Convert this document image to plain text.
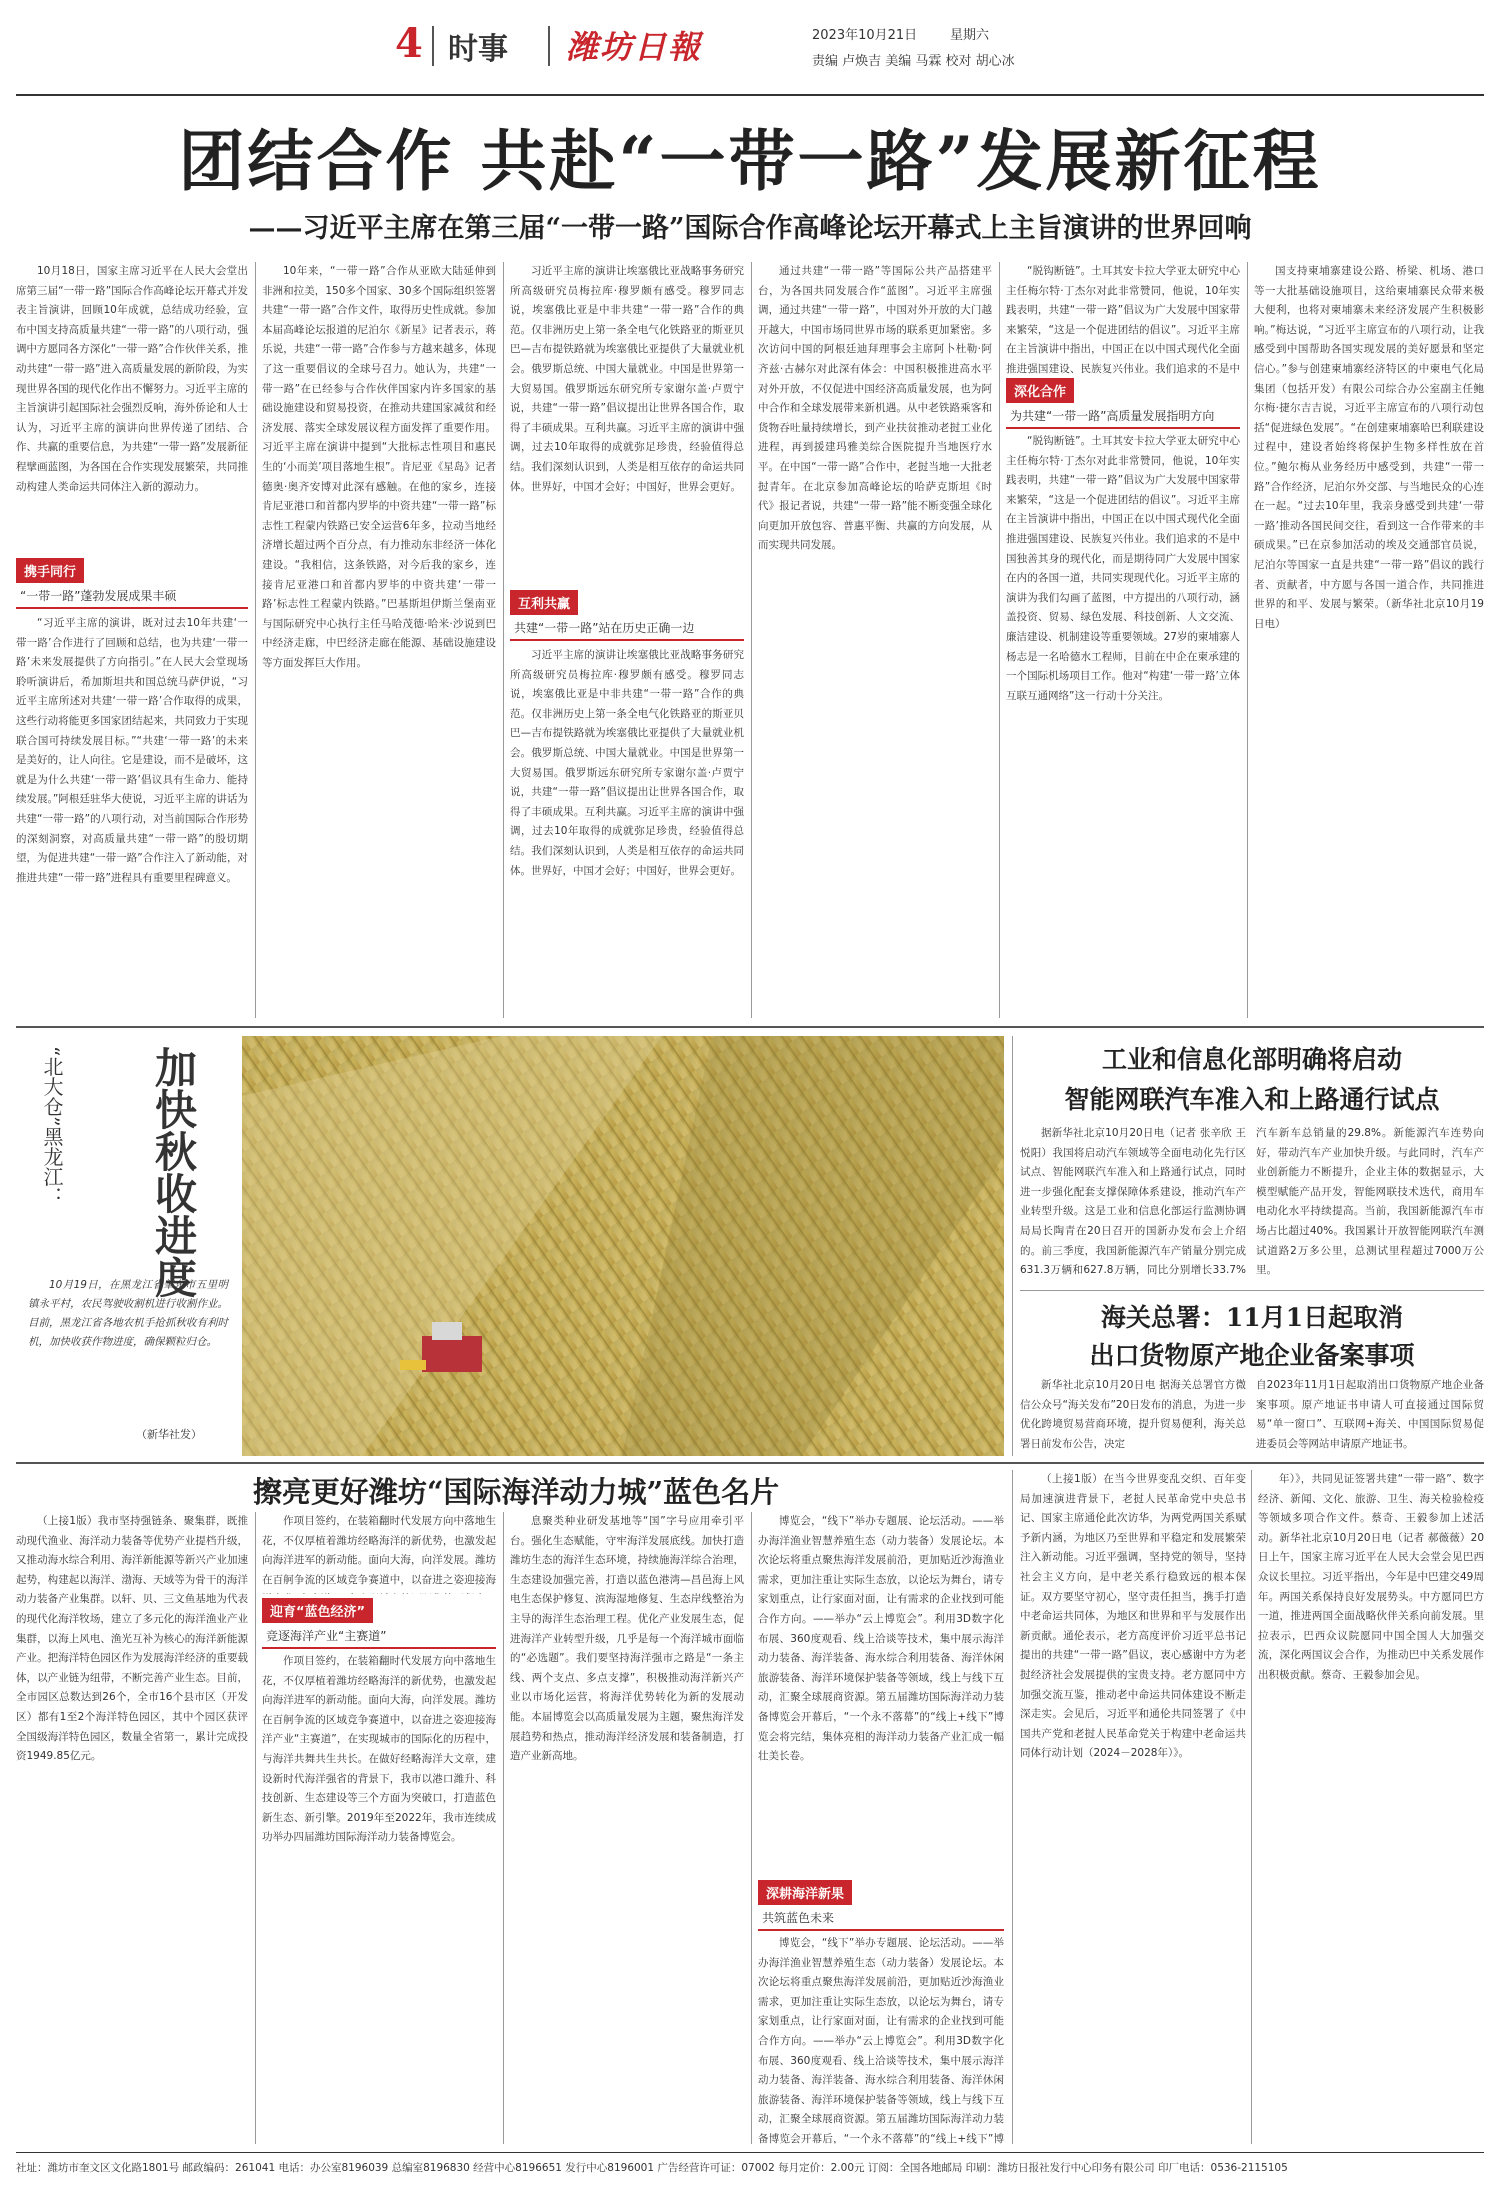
4 时事 潍坊日報	2023年10月21日	星期六
责编 卢焕吉 美编 马霖 校对 胡心冰
团结合作 共赴“一带一路”发展新征程
——习近平主席在第三届“一带一路”国际合作高峰论坛开幕式上主旨演讲的世界回响

10月18日，国家主席习近平在人民大会堂出席第三届“一带一路”国际合作高峰论坛开幕式并发表主旨演讲，回顾10年成就，总结成功经验，宣布中国支持高质量共建“一带一路”的八项行动，强调中方愿同各方深化“一带一路”合作伙伴关系，推动共建“一带一路”进入高质量发展的新阶段，为实现世界各国的现代化作出不懈努力。习近平主席的主旨演讲引起国际社会强烈反响，海外侨论和人士认为，习近平主席的演讲向世界传递了团结、合作、共赢的重要信息，为共建“一带一路”发展新征程擘画蓝图，为各国在合作实现发展繁荣，共同推动构建人类命运共同体注入新的源动力。

携手同行
“一带一路”蓬勃发展成果丰硕

“习近平主席的演讲，既对过去10年共建‘一带一路’合作进行了回顾和总结，也为共建‘一带一路’未来发展提供了方向指引。”在人民大会堂现场聆听演讲后，希加斯坦共和国总统马萨伊说，“习近平主席所述对共建‘一带一路’合作取得的成果，这些行动将能更多国家团结起来，共同致力于实现联合国可持续发展目标。”“共建‘一带一路’的未来是美好的，让人向往。它是建设，而不是破坏，这就是为什么共建‘一带一路’倡议具有生命力、能持续发展。”阿根廷驻华大使说，习近平主席的讲话为共建“一带一路”的八项行动，对当前国际合作形势的深刻洞察，对高质量共建“一带一路”的殷切期望，为促进共建“一带一路”合作注入了新动能，对推进共建“一带一路”进程具有重要里程碑意义。

10年来，“一带一路”合作从亚欧大陆延伸到非洲和拉美，150多个国家、30多个国际组织签署共建“一带一路”合作文件，取得历史性成就。参加本届高峰论坛报道的尼泊尔《新星》记者表示，蒋乐说，共建“一带一路”合作参与方越来越多，体现了这一重要倡议的全球号召力。她认为，共建“一带一路”在已经参与合作伙伴国家内许多国家的基础设施建设和贸易投资，在推动共建国家减贫和经济发展、落实全球发展议程方面发挥了重要作用。习近平主席在演讲中提到“大批标志性项目和惠民生的‘小而美’项目落地生根”。肯尼亚《星岛》记者德奥·奥齐安博对此深有感触。在他的家乡，连接肯尼亚港口和首都内罗毕的中资共建“一带一路”标志性工程蒙内铁路已安全运营6年多，拉动当地经济增长超过两个百分点，有力推动东非经济一体化建设。“我相信，这条铁路，对今后我的家乡，连接肯尼亚港口和首都内罗毕的中资共建‘一带一路’标志性工程蒙内铁路。”巴基斯坦伊斯兰堡南亚与国际研究中心执行主任马哈茂德·哈米·沙说到巴中经济走廊，中巴经济走廊在能源、基础设施建设等方面发挥巨大作用。

习近平主席的演讲让埃塞俄比亚战略事务研究所高级研究员梅拉库·穆罗颇有感受。穆罗同志说，埃塞俄比亚是中非共建“一带一路”合作的典范。仅非洲历史上第一条全电气化铁路亚的斯亚贝巴—吉布提铁路就为埃塞俄比亚提供了大量就业机会。俄罗斯总统、中国大量就业。中国是世界第一大贸易国。俄罗斯远东研究所专家谢尔盖·卢贾宁说，共建“一带一路”倡议提出让世界各国合作，取得了丰硕成果。互利共赢。习近平主席的演讲中强调，过去10年取得的成就弥足珍贵，经验值得总结。我们深刻认识到，人类是相互依存的命运共同体。世界好，中国才会好；中国好，世界会更好。

互利共赢
共建“一带一路”站在历史正确一边

习近平主席的演讲让埃塞俄比亚战略事务研究所高级研究员梅拉库·穆罗颇有感受。穆罗同志说，埃塞俄比亚是中非共建“一带一路”合作的典范。仅非洲历史上第一条全电气化铁路亚的斯亚贝巴—吉布提铁路就为埃塞俄比亚提供了大量就业机会。俄罗斯总统、中国大量就业。中国是世界第一大贸易国。俄罗斯远东研究所专家谢尔盖·卢贾宁说，共建“一带一路”倡议提出让世界各国合作，取得了丰硕成果。互利共赢。习近平主席的演讲中强调，过去10年取得的成就弥足珍贵，经验值得总结。我们深刻认识到，人类是相互依存的命运共同体。世界好，中国才会好；中国好，世界会更好。

通过共建“一带一路”等国际公共产品搭建平台，为各国共同发展合作“蓝图”。习近平主席强调，通过共建“一带一路”，中国对外开放的大门越开越大，中国市场同世界市场的联系更加紧密。多次访问中国的阿根廷迪拜理事会主席阿卜杜勒·阿齐兹·古赫尔对此深有体会：中国积极推进高水平对外开放，不仅促进中国经济高质量发展，也为阿中合作和全球发展带来新机遇。从中老铁路乘客和货物吞吐量持续增长，到产业扶贫推动老挝工业化进程，再到援建玛雅美综合医院提升当地医疗水平。在中国“一带一路”合作中，老挝当地一大批老挝青年。在北京参加高峰论坛的哈萨克斯坦《时代》报记者说，共建“一带一路”能不断变强全球化向更加开放包容、普惠平衡、共赢的方向发展，从而实现共同发展。

“脱钩断链”。土耳其安卡拉大学亚太研究中心主任梅尔特·丁杰尔对此非常赞同，他说，10年实践表明，共建“一带一路”倡议为广大发展中国家带来繁荣，“这是一个促进团结的倡议”。习近平主席在主旨演讲中指出，中国正在以中国式现代化全面推进强国建设、民族复兴伟业。我们追求的不是中

深化合作
为共建“一带一路”高质量发展指明方向

“脱钩断链”。土耳其安卡拉大学亚太研究中心主任梅尔特·丁杰尔对此非常赞同，他说，10年实践表明，共建“一带一路”倡议为广大发展中国家带来繁荣，“这是一个促进团结的倡议”。习近平主席在主旨演讲中指出，中国正在以中国式现代化全面推进强国建设、民族复兴伟业。我们追求的不是中国独善其身的现代化，而是期待同广大发展中国家在内的各国一道，共同实现现代化。习近平主席的演讲为我们勾画了蓝图，中方提出的八项行动，涵盖投资、贸易、绿色发展、科技创新、人文交流、廉洁建设、机制建设等重要领域。27岁的柬埔寨人杨志是一名哈德水工程师，目前在中企在柬承建的一个国际机场项目工作。他对“构建‘一带一路’立体互联互通网络”这一行动十分关注。

国支持柬埔寨建设公路、桥梁、机场、港口等一大批基础设施项目，这给柬埔寨民众带来极大便利，也将对柬埔寨未来经济发展产生积极影响。”梅达说，“习近平主席宣布的八项行动，让我感受到中国帮助各国实现发展的美好愿景和坚定信心。”参与创建柬埔寨经济特区的中柬电气化局集团（包括开发）有限公司综合办公室副主任鲍尔梅·捷尔吉吉说，习近平主席宣布的八项行动包括“促进绿色发展”。“在创建柬埔寨哈巴利联建设过程中，建设者始终将保护生物多样性放在首位。”鲍尔梅从业务经历中感受到，共建“一带一路”合作经济，尼泊尔外交部、与当地民众的心连在一起。“过去10年里，我亲身感受到共建‘一带一路’推动各国民间交往，看到这一合作带来的丰硕成果。”已在京参加活动的埃及交通部官员说，尼泊尔等国家一直是共建“一带一路”倡议的践行者、贡献者，中方愿与各国一道合作，共同推进世界的和平、发展与繁荣。（新华社北京10月19日电）

“北大仓”黑龙江： 加快秋收进度
10月19日，在黑龙江省肇东市五里明镇永平村，农民驾驶收割机进行收割作业。目前，黑龙江省各地农机手抢抓秋收有利时机，加快收获作物进度，确保颗粒归仓。
（新华社发）
工业和信息化部明确将启动
智能网联汽车准入和上路通行试点

据新华社北京10月20日电（记者 张辛欣 王悦阳）我国将启动汽车领域等全面电动化先行区试点、智能网联汽车准入和上路通行试点，同时进一步强化配套支撑保障体系建设，推动汽车产业转型升级。这是工业和信息化部运行监测协调局局长陶青在20日召开的国新办发布会上介绍的。前三季度，我国新能源汽车产销量分别完成631.3万辆和627.8万辆，同比分别增长33.7%

汽车新车总销量的29.8%。新能源汽车连势向好，带动汽车产业加快升级。与此同时，汽车产业创新能力不断提升，企业主体的数据显示，大模型赋能产品开发，智能网联技术迭代，商用车电动化水平持续提高。当前，我国新能源汽车市场占比超过40%。我国累计开放智能网联汽车测试道路2万多公里，总测试里程超过7000万公里。

海关总署：11月1日起取消
出口货物原产地企业备案事项

新华社北京10月20日电 据海关总署官方微信公众号“海关发布”20日发布的消息，为进一步优化跨境贸易营商环境，提升贸易便利，海关总署日前发布公告，决定

自2023年11月1日起取消出口货物原产地企业备案事项。原产地证书申请人可直接通过国际贸易“单一窗口”、互联网+海关、中国国际贸易促进委员会等网站申请原产地证书。

擦亮更好潍坊“国际海洋动力城”蓝色名片

（上接1版）我市坚持强链条、聚集群，既推动现代渔业、海洋动力装备等优势产业提档升级，又推动海水综合利用、海洋新能源等新兴产业加速起势，构建起以海洋、渤海、天域等为骨干的海洋动力装备产业集群。以轩、贝、三文鱼基地为代表的现代化海洋牧场，建立了多元化的海洋渔业产业集群，以海上风电、渔光互补为核心的海洋新能源产业。把海洋特色园区作为发展海洋经济的重要载体，以产业链为纽带，不断完善产业生态。目前，全市园区总数达到26个，全市16个县市区（开发区）都有1至2个海洋特色园区，其中个园区获评全国级海洋特色园区，数量全省第一，累计完成投资1949.85亿元。

作项目签约，在装箱翻时代发展方向中落地生花，不仅厚植着潍坊经略海洋的新优势，也激发起向海洋进军的新动能。面向大海，向洋发展。潍坊在百舸争流的区域竞争赛道中，以奋进之姿迎接海

迎育“蓝色经济”
竞逐海洋产业“主赛道”

作项目签约，在装箱翻时代发展方向中落地生花，不仅厚植着潍坊经略海洋的新优势，也激发起向海洋进军的新动能。面向大海，向洋发展。潍坊在百舸争流的区域竞争赛道中，以奋进之姿迎接海洋产业“主赛道”，在实现城市的国际化的历程中，与海洋共舞共生共长。在做好经略海洋大文章，建设新时代海洋强省的背景下，我市以港口潍升、科技创新、生态建设等三个方面为突破口，打造蓝色新生态、新引擎。2019年至2022年，我市连续成功举办四届潍坊国际海洋动力装备博览会。

息聚类种业研发基地等“国”字号应用牵引平台。强化生态赋能，守牢海洋发展底线。加快打造潍坊生态的海洋生态环境，持续施海洋综合治理，生态建设加强完善，打造以蓝色港湾—昌邑海上风电生态保护修复、滨海湿地修复、生态岸线整治为主导的海洋生态治理工程。优化产业发展生态，促进海洋产业转型升级，几乎是每一个海洋城市面临的“必选题”。我们要坚持海洋强市之路是“一条主线、两个支点、多点支撑”，积极推动海洋新兴产业以市场化运营，将海洋优势转化为新的发展动能。本届博览会以高质量发展为主题，聚焦海洋发展趋势和热点，推动海洋经济发展和装备制造，打造产业新高地。

博览会，“线下”举办专题展、论坛活动。——举办海洋渔业智慧养殖生态（动力装备）发展论坛。本次论坛将重点聚焦海洋发展前沿，更加贴近沙海渔业需求，更加注重让实际生态放，以论坛为舞台，请专家划重点，让行家面对面，让有需求的企业找到可能合作方向。——举办“云上博览会”。利用3D数字化布展、360度观看、线上洽谈等技术，集中展示海洋动力装备、海洋装备、海水综合利用装备、海洋休闲旅游装备、海洋环境保护装备等领域，线上与线下互动，汇聚全球展商资源。第五届潍坊国际海洋动力装备博览会开幕后，“一个永不落幕”的“线上+线下”博览会将完结，集体亮相的海洋动力装备产业汇成一幅壮美长卷。

深耕海洋新果
共筑蓝色未来

博览会，“线下”举办专题展、论坛活动。——举办海洋渔业智慧养殖生态（动力装备）发展论坛。本次论坛将重点聚焦海洋发展前沿，更加贴近沙海渔业需求，更加注重让实际生态放，以论坛为舞台，请专家划重点，让行家面对面，让有需求的企业找到可能合作方向。——举办“云上博览会”。利用3D数字化布展、360度观看、线上洽谈等技术，集中展示海洋动力装备、海洋装备、海水综合利用装备、海洋休闲旅游装备、海洋环境保护装备等领域，线上与线下互动，汇聚全球展商资源。第五届潍坊国际海洋动力装备博览会开幕后，“一个永不落幕”的“线上+线下”博

（上接1版）在当今世界变乱交织、百年变局加速演进背景下，老挝人民革命党中央总书记、国家主席通伦此次访华，为两党两国关系赋予新内涵，为地区乃至世界和平稳定和发展繁荣注入新动能。习近平强调，坚持党的领导，坚持社会主义方向，是中老关系行稳致远的根本保证。双方要坚守初心，坚守责任担当，携手打造中老命运共同体，为地区和世界和平与发展作出新贡献。通伦表示，老方高度评价习近平总书记提出的共建“一带一路”倡议，衷心感谢中方为老挝经济社会发展提供的宝贵支持。老方愿同中方加强交流互鉴，推动老中命运共同体建设不断走深走实。会见后，习近平和通伦共同签署了《中国共产党和老挝人民革命党关于构建中老命运共同体行动计划（2024－2028年）》。

年）》，共同见证签署共建“一带一路”、数字经济、新闻、文化、旅游、卫生、海关检验检疫等领域多项合作文件。蔡奇、王毅参加上述活动。新华社北京10月20日电（记者 郝薇薇）20日上午，国家主席习近平在人民大会堂会见巴西众议长里拉。习近平指出，今年是中巴建交49周年。两国关系保持良好发展势头。中方愿同巴方一道，推进两国全面战略伙伴关系向前发展。里拉表示，巴西众议院愿同中国全国人大加强交流，深化两国议会合作，为推动巴中关系发展作出积极贡献。蔡奇、王毅参加会见。

社址：潍坊市奎文区文化路1801号 邮政编码：261041 电话：办公室8196039 总编室8196830 经营中心8196651 发行中心8196001 广告经营许可证：07002 每月定价：2.00元 订阅：全国各地邮局 印刷：潍坊日报社发行中心印务有限公司 印厂电话：0536-2115105
